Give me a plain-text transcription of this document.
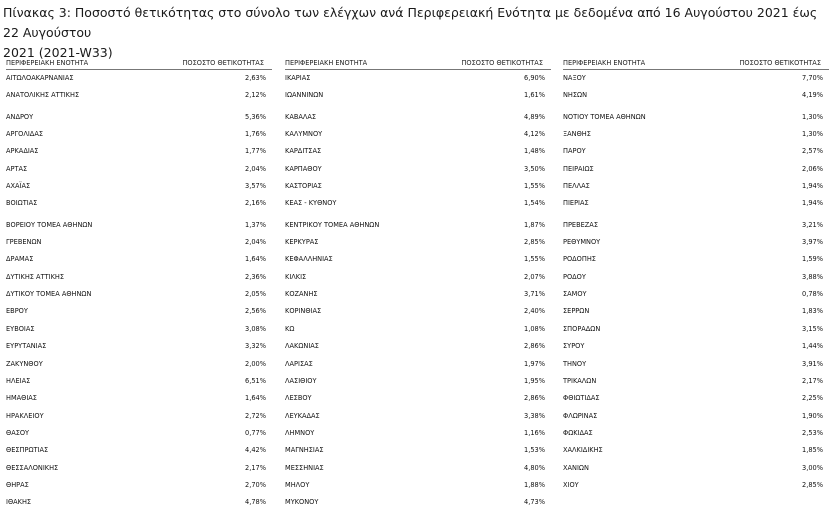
Πίνακας 3: Ποσοστό θετικότητας στο σύνολο των ελέγχων ανά Περιφερειακή Ενότητα με δεδομένα από 16 Αυγούστου 2021 έως 22 Αυγούστου
2021 (2021-W33)
ΠΕΡΙΦΕΡΕΙΑΚΗ ΕΝΟΤΗΤΑ	ΠΟΣΟΣΤΟ ΘΕΤΙΚΟΤΗΤΑΣ
ΑΙΤΩΛΟΑΚΑΡΝΑΝΙΑΣ	2,63%
ΑΝΑΤΟΛΙΚΗΣ ΑΤΤΙΚΗΣ	2,12%
ΑΝΔΡΟΥ	5,36%
ΑΡΓΟΛΙΔΑΣ	1,76%
ΑΡΚΑΔΙΑΣ	1,77%
ΑΡΤΑΣ	2,04%
ΑΧΑΪΑΣ	3,57%
ΒΟΙΩΤΙΑΣ	2,16%
ΒΟΡΕΙΟΥ ΤΟΜΕΑ ΑΘΗΝΩΝ	1,37%
ΓΡΕΒΕΝΩΝ	2,04%
ΔΡΑΜΑΣ	1,64%
ΔΥΤΙΚΗΣ ΑΤΤΙΚΗΣ	2,36%
ΔΥΤΙΚΟΥ ΤΟΜΕΑ ΑΘΗΝΩΝ	2,05%
ΕΒΡΟΥ	2,56%
ΕΥΒΟΙΑΣ	3,08%
ΕΥΡΥΤΑΝΙΑΣ	3,32%
ΖΑΚΥΝΘΟΥ	2,00%
ΗΛΕΙΑΣ	6,51%
ΗΜΑΘΙΑΣ	1,64%
ΗΡΑΚΛΕΙΟΥ	2,72%
ΘΑΣΟΥ	0,77%
ΘΕΣΠΡΩΤΙΑΣ	4,42%
ΘΕΣΣΑΛΟΝΙΚΗΣ	2,17%
ΘΗΡΑΣ	2,70%
ΙΘΑΚΗΣ	4,78%
ΠΕΡΙΦΕΡΕΙΑΚΗ ΕΝΟΤΗΤΑ	ΠΟΣΟΣΤΟ ΘΕΤΙΚΟΤΗΤΑΣ
ΙΚΑΡΙΑΣ	6,90%
ΙΩΑΝΝΙΝΩΝ	1,61%
ΚΑΒΑΛΑΣ	4,89%
ΚΑΛΥΜΝΟΥ	4,12%
ΚΑΡΔΙΤΣΑΣ	1,48%
ΚΑΡΠΑΘΟΥ	3,50%
ΚΑΣΤΟΡΙΑΣ	1,55%
ΚΕΑΣ - ΚΥΘΝΟΥ	1,54%
ΚΕΝΤΡΙΚΟΥ ΤΟΜΕΑ ΑΘΗΝΩΝ	1,87%
ΚΕΡΚΥΡΑΣ	2,85%
ΚΕΦΑΛΛΗΝΙΑΣ	1,55%
ΚΙΛΚΙΣ	2,07%
ΚΟΖΑΝΗΣ	3,71%
ΚΟΡΙΝΘΙΑΣ	2,40%
ΚΩ	1,08%
ΛΑΚΩΝΙΑΣ	2,86%
ΛΑΡΙΣΑΣ	1,97%
ΛΑΣΙΘΙΟΥ	1,95%
ΛΕΣΒΟΥ	2,86%
ΛΕΥΚΑΔΑΣ	3,38%
ΛΗΜΝΟΥ	1,16%
ΜΑΓΝΗΣΙΑΣ	1,53%
ΜΕΣΣΗΝΙΑΣ	4,80%
ΜΗΛΟΥ	1,88%
ΜΥΚΟΝΟΥ	4,73%
ΠΕΡΙΦΕΡΕΙΑΚΗ ΕΝΟΤΗΤΑ	ΠΟΣΟΣΤΟ ΘΕΤΙΚΟΤΗΤΑΣ
ΝΑΞΟΥ	7,70%
ΝΗΣΩΝ	4,19%
ΝΟΤΙΟΥ ΤΟΜΕΑ ΑΘΗΝΩΝ	1,30%
ΞΑΝΘΗΣ	1,30%
ΠΑΡΟΥ	2,57%
ΠΕΙΡΑΙΩΣ	2,06%
ΠΕΛΛΑΣ	1,94%
ΠΙΕΡΙΑΣ	1,94%
ΠΡΕΒΕΖΑΣ	3,21%
ΡΕΘΥΜΝΟΥ	3,97%
ΡΟΔΟΠΗΣ	1,59%
ΡΟΔΟΥ	3,88%
ΣΑΜΟΥ	0,78%
ΣΕΡΡΩΝ	1,83%
ΣΠΟΡΑΔΩΝ	3,15%
ΣΥΡΟΥ	1,44%
ΤΗΝΟΥ	3,91%
ΤΡΙΚΑΛΩΝ	2,17%
ΦΘΙΩΤΙΔΑΣ	2,25%
ΦΛΩΡΙΝΑΣ	1,90%
ΦΩΚΙΔΑΣ	2,53%
ΧΑΛΚΙΔΙΚΗΣ	1,85%
ΧΑΝΙΩΝ	3,00%
ΧΙΟΥ	2,85%
